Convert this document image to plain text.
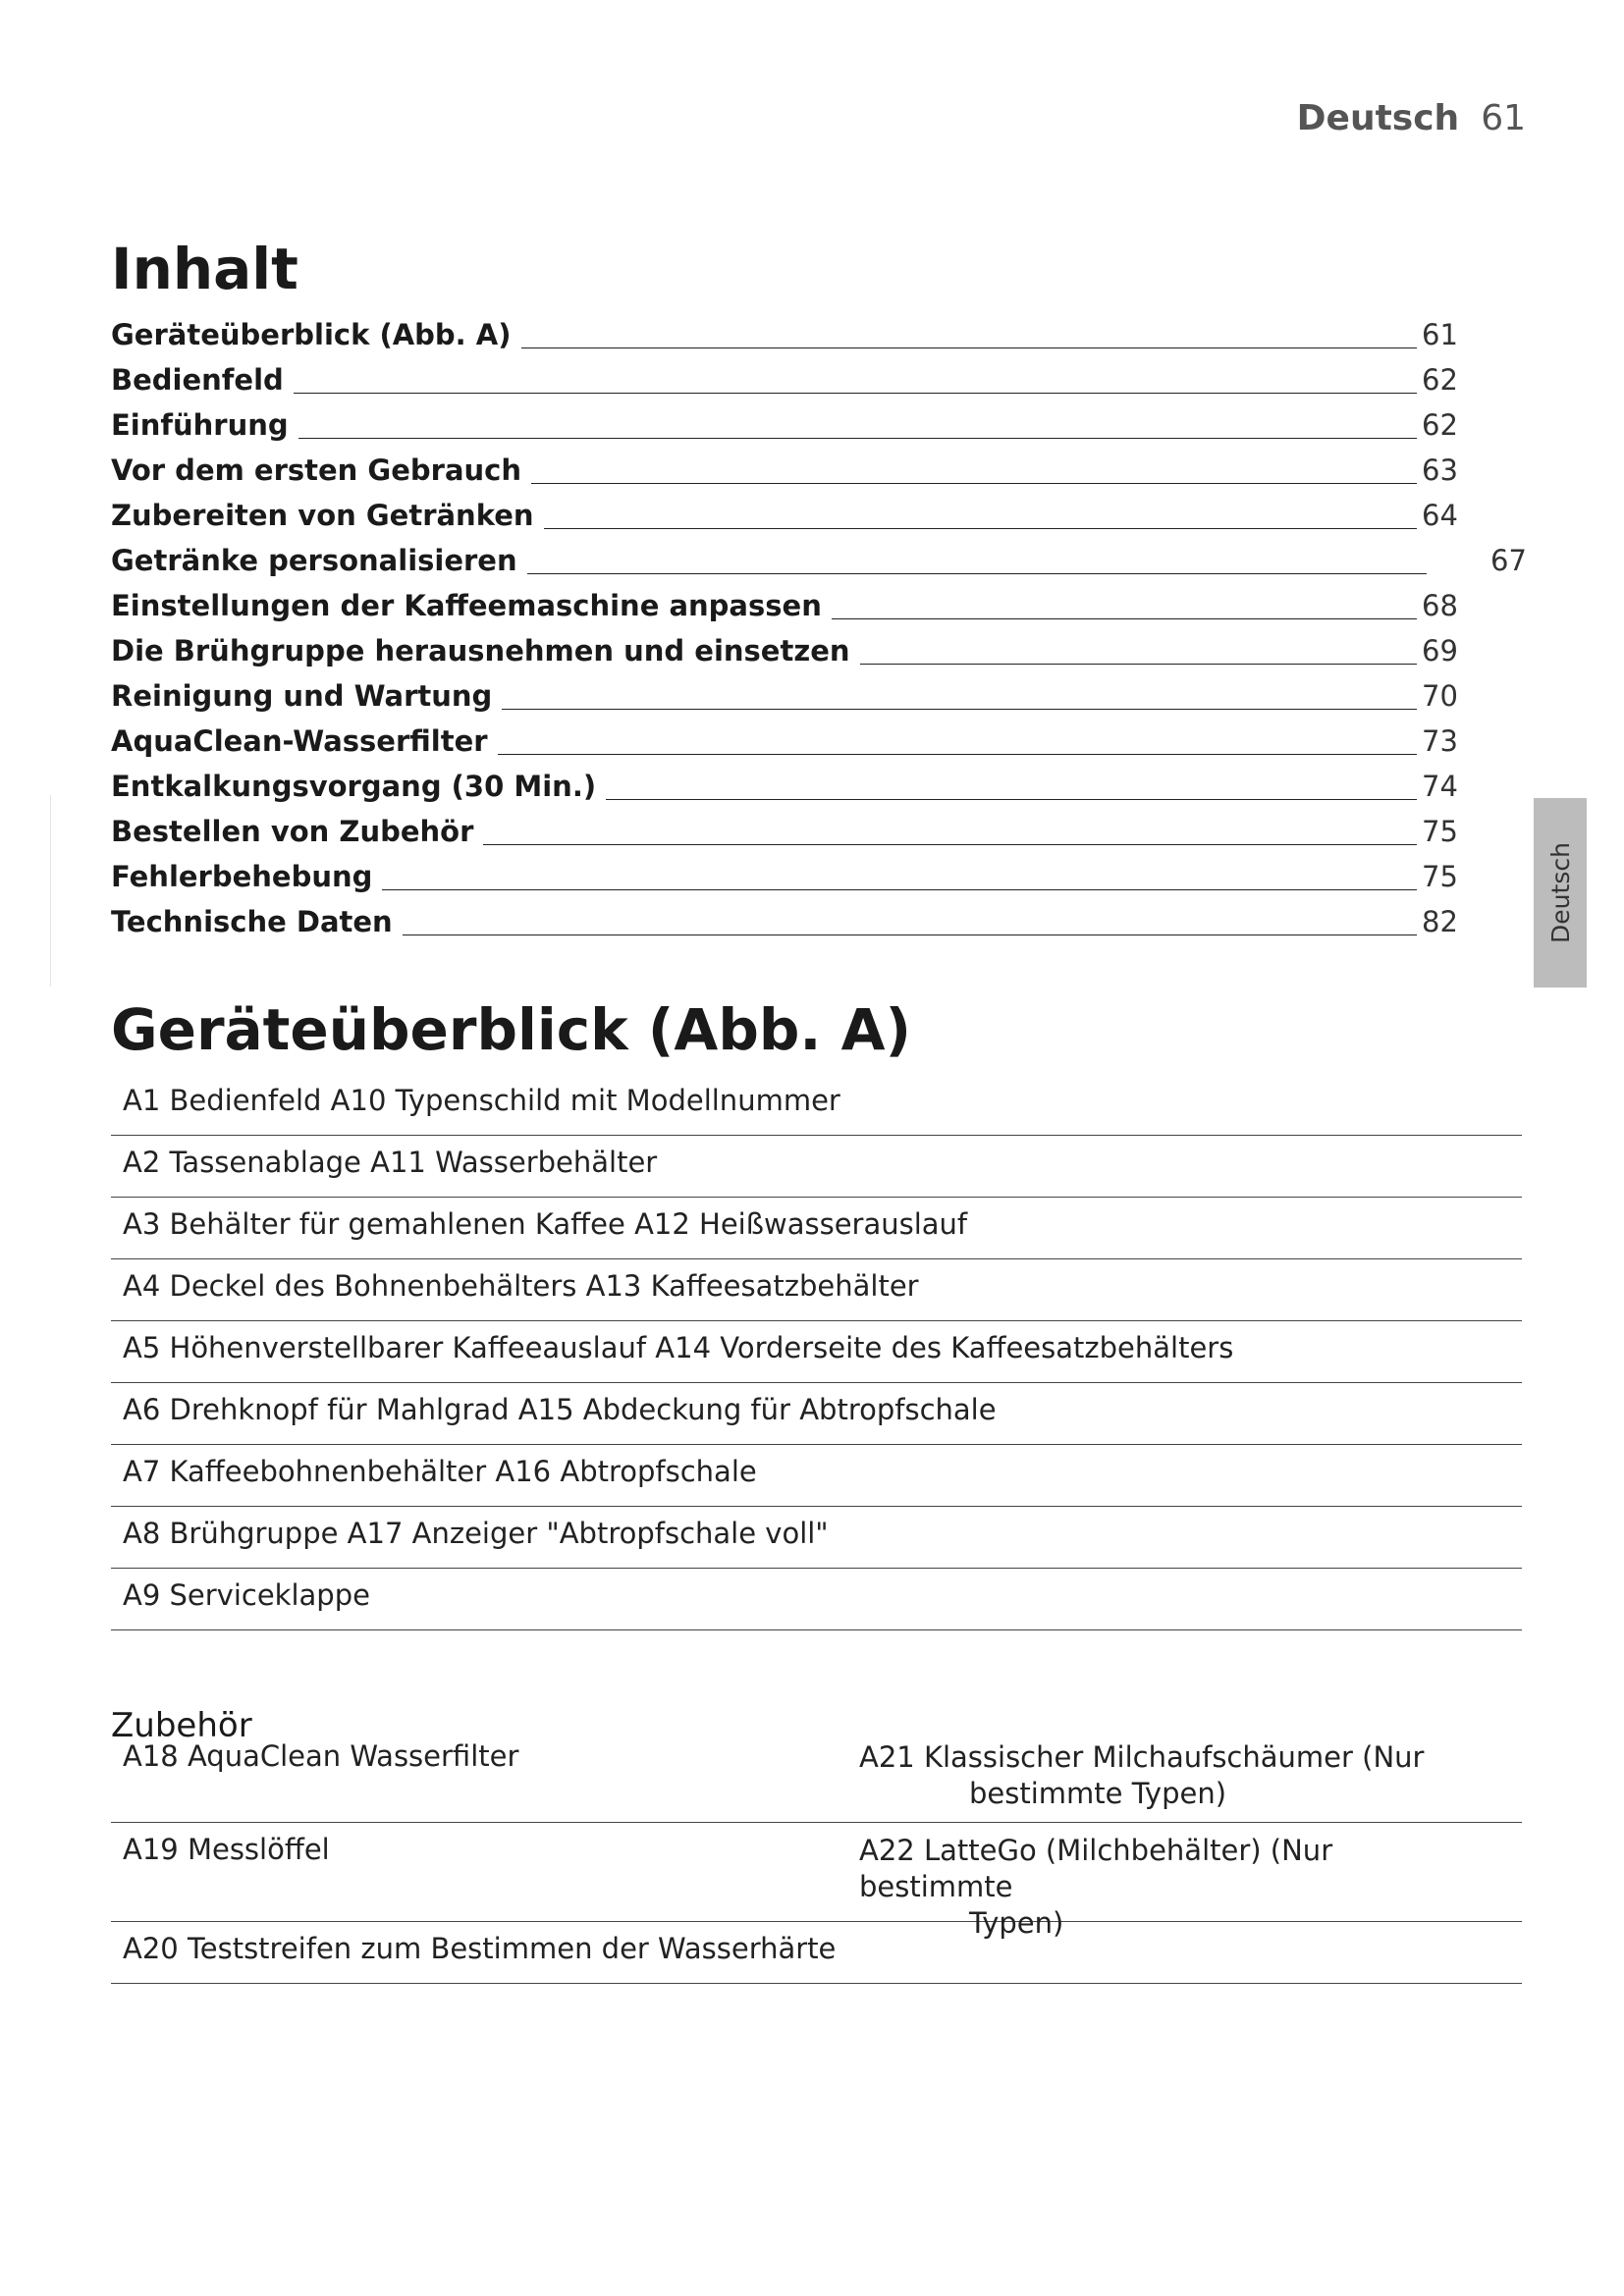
Deutsch 61
Deutsch
Inhalt
Geräteüberblick (Abb. A)	61
Bedienfeld	62
Einführung	62
Vor dem ersten Gebrauch	63
Zubereiten von Getränken	64
Getränke personalisieren	67
Einstellungen der Kaffeemaschine anpassen	68
Die Brühgruppe herausnehmen und einsetzen	69
Reinigung und Wartung	70
AquaClean-Wasserfilter	73
Entkalkungsvorgang (30 Min.)	74
Bestellen von Zubehör	75
Fehlerbehebung	75
Technische Daten	82
Geräteüberblick (Abb. A)
A1 Bedienfeld A10 Typenschild mit Modellnummer
A2 Tassenablage A11 Wasserbehälter
A3 Behälter für gemahlenen Kaffee A12 Heißwasserauslauf
A4 Deckel des Bohnenbehälters A13 Kaffeesatzbehälter
A5 Höhenverstellbarer Kaffeeauslauf A14 Vorderseite des Kaffeesatzbehälters
A6 Drehknopf für Mahlgrad A15 Abdeckung für Abtropfschale
A7 Kaffeebohnenbehälter A16 Abtropfschale
A8 Brühgruppe A17 Anzeiger "Abtropfschale voll"
A9 Serviceklappe
Zubehör
A18 AquaClean Wasserfilter	A21 Klassischer Milchaufschäumer (Nur
bestimmte Typen)
A19 Messlöffel	A22 LatteGo (Milchbehälter) (Nur bestimmte
Typen)
A20 Teststreifen zum Bestimmen der Wasserhärte
